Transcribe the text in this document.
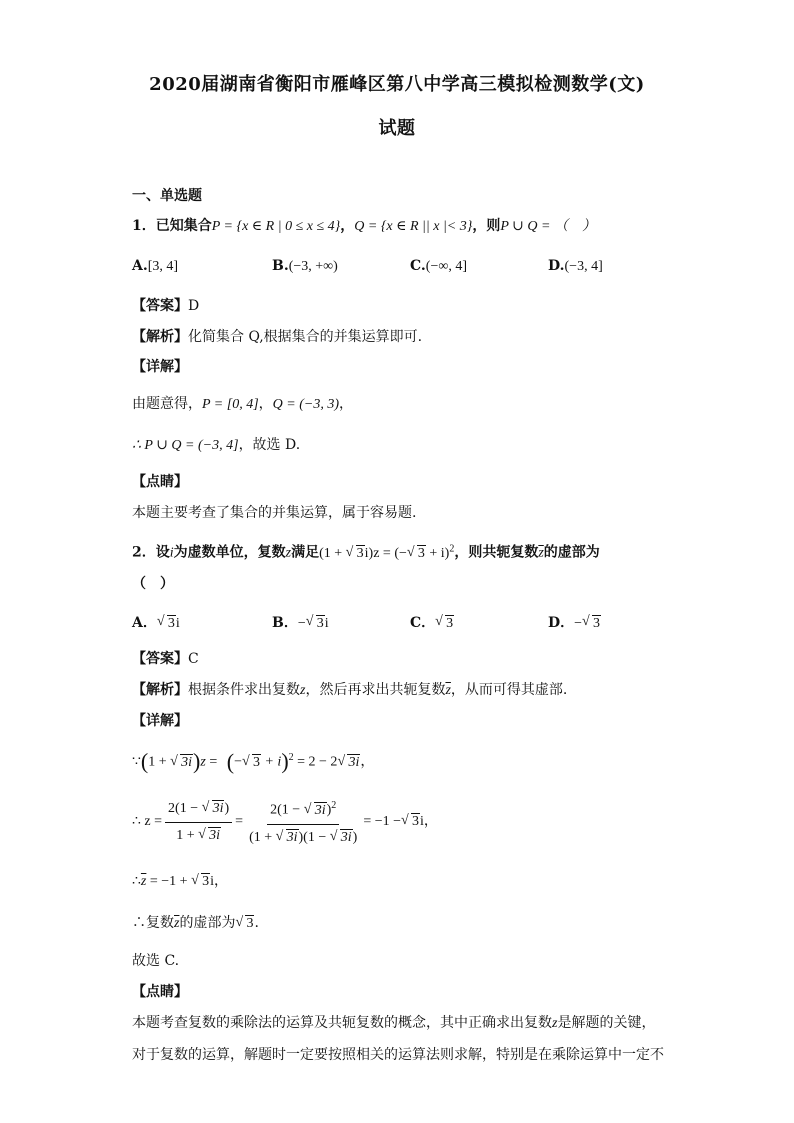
2020届湖南省衡阳市雁峰区第八中学高三模拟检测数学(文)
试题
一、单选题
1．已知集合P = {x ∈ R | 0 ≤ x ≤ 4}，Q = {x ∈ R || x |< 3}，则P ∪ Q = （　）
A.[3, 4]	B.(−3, +∞)	C.(−∞, 4]	D.(−3, 4]
【答案】D
【解析】化简集合 Q,根据集合的并集运算即可.
【详解】
由题意得，P = [0, 4]，Q = (−3, 3)，
∴ P ∪ Q = (−3, 4]，故选 D.
【点睛】
本题主要考查了集合的并集运算，属于容易题.
2．设i为虚数单位，复数z满足(1 + √ 3i)z = (− √ 3 + i)$^2$，则共轭复数$\overline{z}$的虚部为
（　）
A． √ 3i	B．− √ 3i	C． √ 3	D．− √ 3
【答案】C
【解析】根据条件求出复数z，然后再求出共轭复数$\overline{z}$，从而可得其虚部.
【详解】
∵(1 + √ 3i)z = (− √ 3 + i)$^2$ = 2 − 2 √ 3i，
∴ $z = \frac{2(1 - √ 3i)}{1 + √ 3i} = \frac{2(1 - √ 3i)^2}{(1 + √ 3i)(1 - √ 3i)} = -1$ − √ 3 i，
$\therefore\overline{z} = -1$ + √ 3i，
∴复数$\overline{z}$的虚部为 √ 3.
故选 C.
【点睛】
本题考查复数的乘除法的运算及共轭复数的概念，其中正确求出复数z是解题的关键，
对于复数的运算，解题时一定要按照相关的运算法则求解，特别是在乘除运算中一定不
